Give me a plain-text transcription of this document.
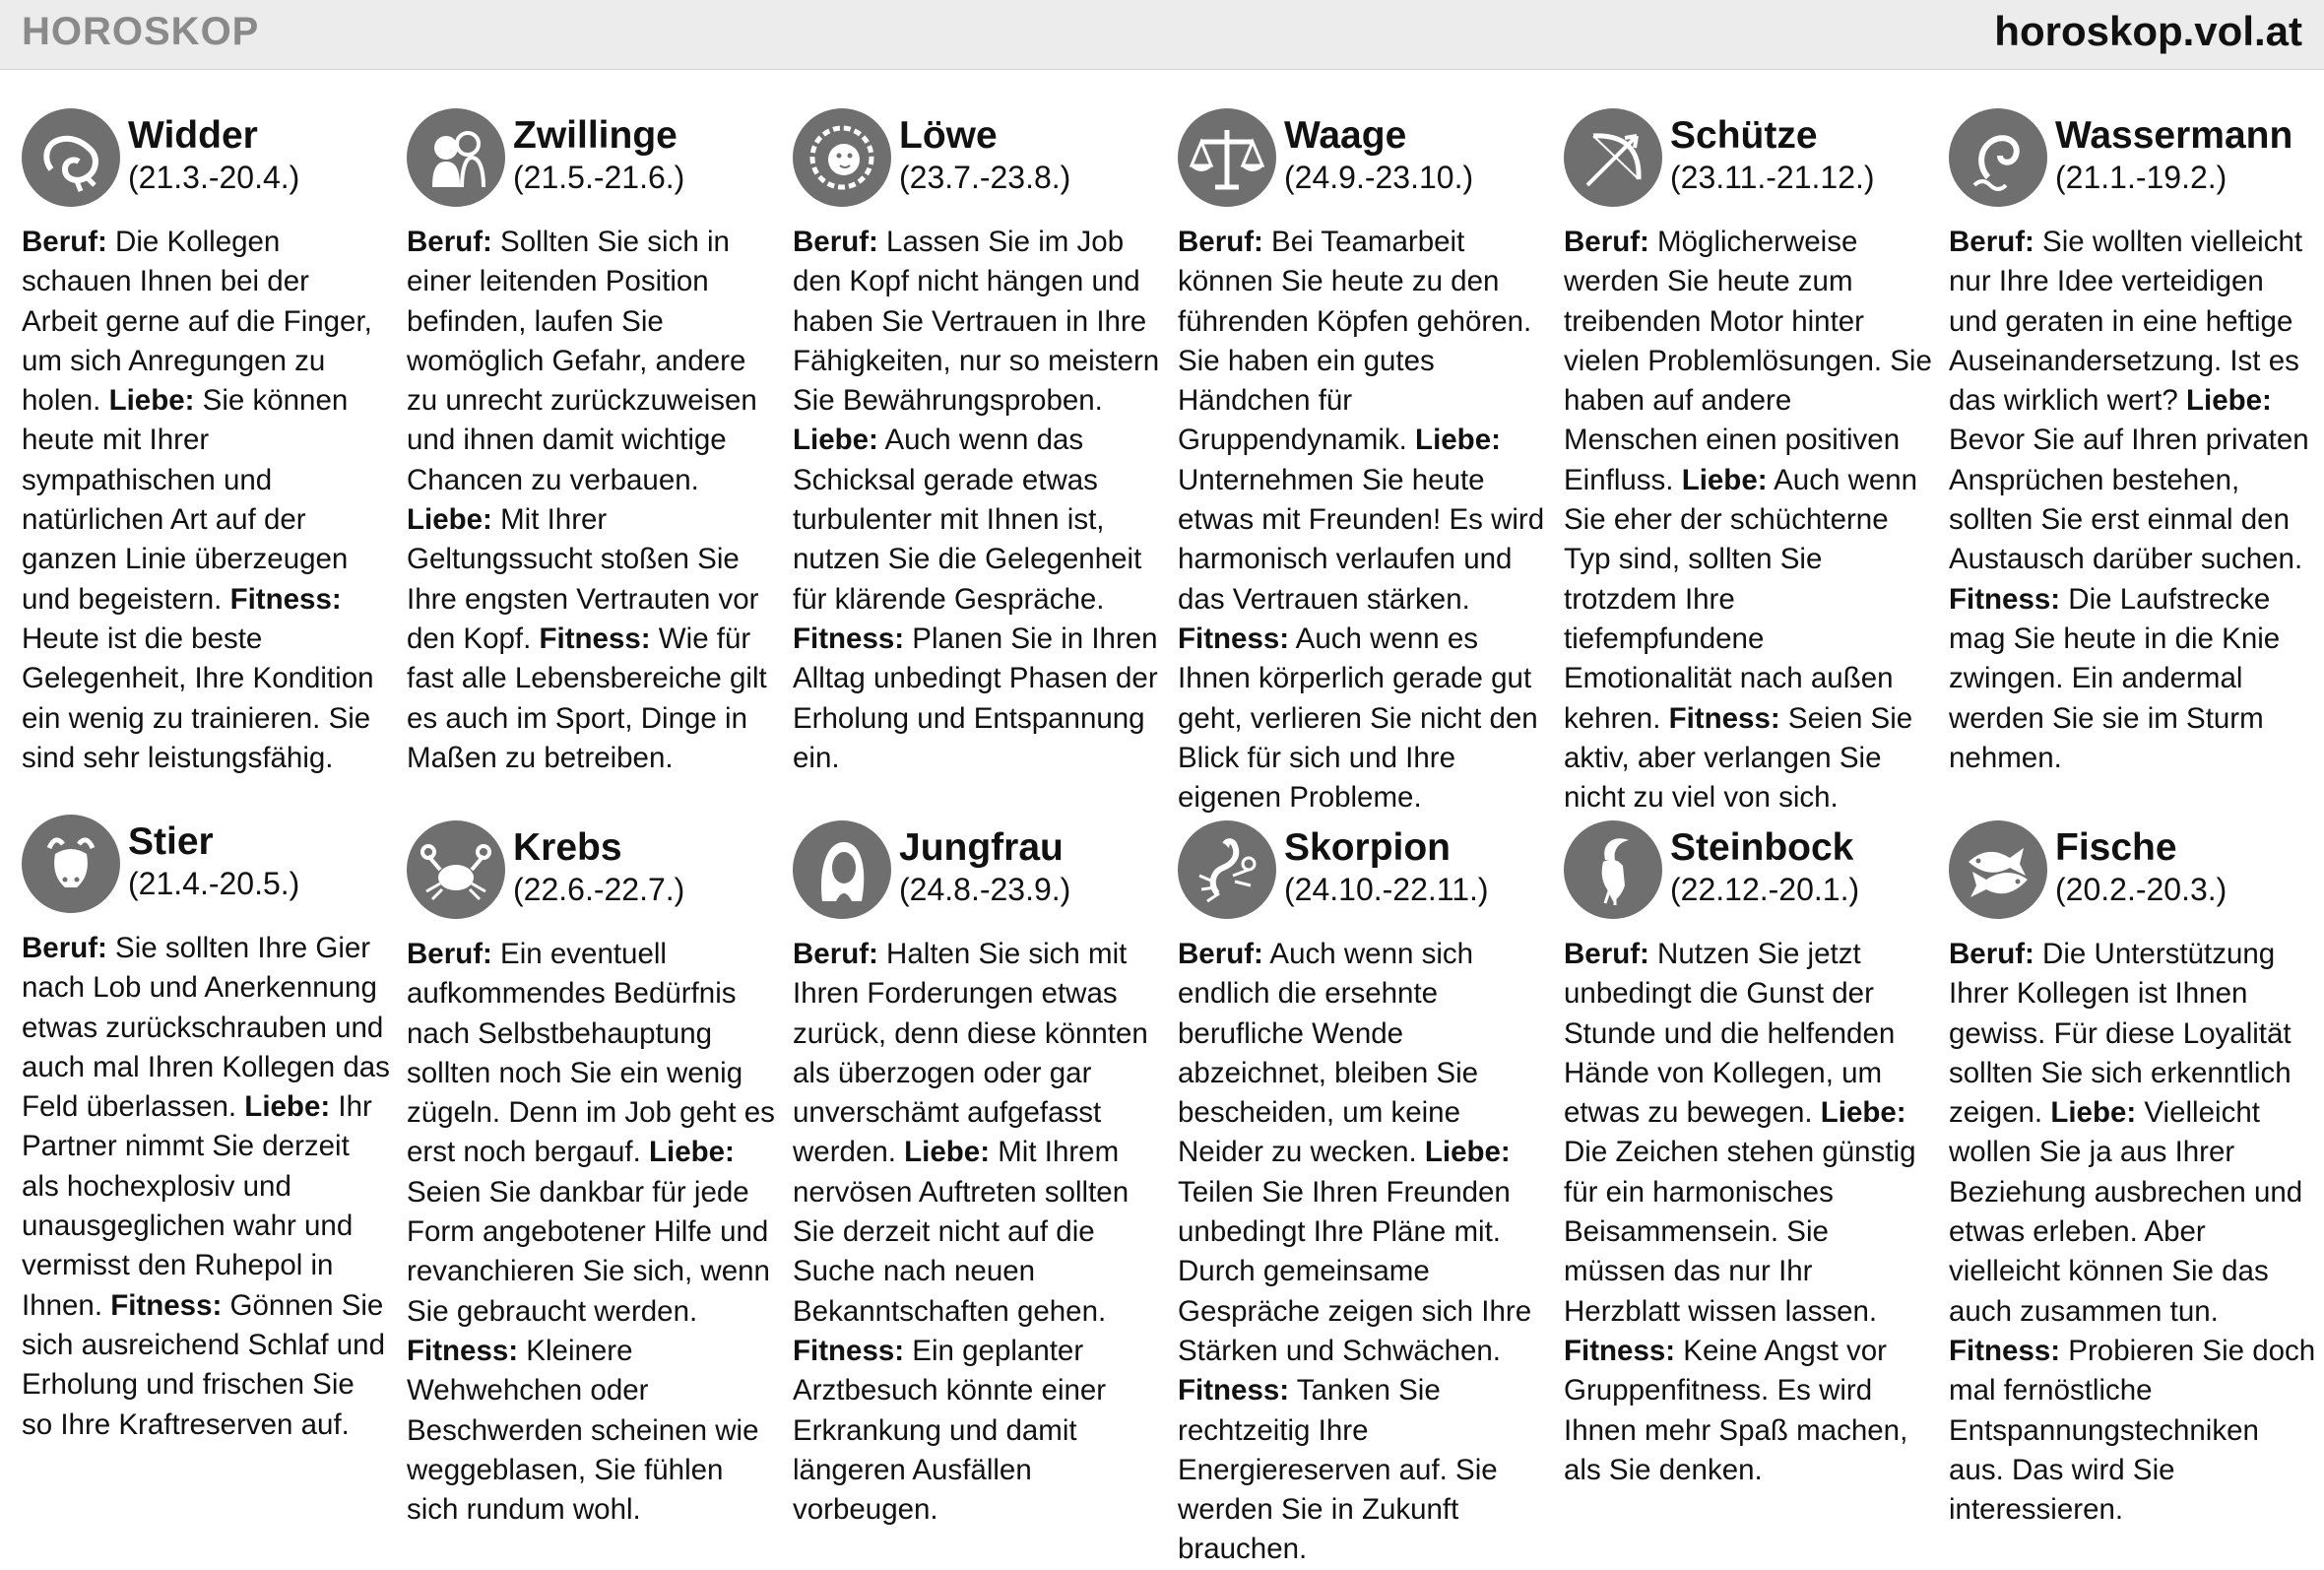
HOROSKOP	horoskop.vol.at
Widder
(21.3.-20.4.)
Beruf: Die Kollegen schauen Ihnen bei der Arbeit gerne auf die Finger, um sich Anregungen zu holen. Liebe: Sie können heute mit Ihrer sympathischen und natürlichen Art auf der ganzen Linie überzeugen und begeistern. Fitness: Heute ist die beste Gelegenheit, Ihre Kondition ein wenig zu trainieren. Sie sind sehr leistungsfähig.
Zwillinge
(21.5.-21.6.)
Beruf: Sollten Sie sich in einer leitenden Position befinden, laufen Sie womöglich Gefahr, andere zu unrecht zurückzuweisen und ihnen damit wichtige Chancen zu verbauen. Liebe: Mit Ihrer Geltungssucht stoßen Sie Ihre engsten Vertrauten vor den Kopf. Fitness: Wie für fast alle Lebensbereiche gilt es auch im Sport, Dinge in Maßen zu betreiben.
Löwe
(23.7.-23.8.)
Beruf: Lassen Sie im Job den Kopf nicht hängen und haben Sie Vertrauen in Ihre Fähigkeiten, nur so meistern Sie Bewährungsproben. Liebe: Auch wenn das Schicksal gerade etwas turbulenter mit Ihnen ist, nutzen Sie die Gelegenheit für klärende Gespräche. Fitness: Planen Sie in Ihren Alltag unbedingt Phasen der Erholung und Entspannung ein.
Waage
(24.9.-23.10.)
Beruf: Bei Teamarbeit können Sie heute zu den führenden Köpfen gehören. Sie haben ein gutes Händchen für Gruppendynamik. Liebe: Unternehmen Sie heute etwas mit Freunden! Es wird harmonisch verlaufen und das Vertrauen stärken. Fitness: Auch wenn es Ihnen körperlich gerade gut geht, verlieren Sie nicht den Blick für sich und Ihre eigenen Probleme.
Schütze
(23.11.-21.12.)
Beruf: Möglicherweise werden Sie heute zum treibenden Motor hinter vielen Problemlösungen. Sie haben auf andere Menschen einen positiven Einfluss. Liebe: Auch wenn Sie eher der schüchterne Typ sind, sollten Sie trotzdem Ihre tiefempfundene Emotionalität nach außen kehren. Fitness: Seien Sie aktiv, aber verlangen Sie nicht zu viel von sich.
Wassermann
(21.1.-19.2.)
Beruf: Sie wollten vielleicht nur Ihre Idee verteidigen und geraten in eine heftige Auseinandersetzung. Ist es das wirklich wert? Liebe: Bevor Sie auf Ihren privaten Ansprüchen bestehen, sollten Sie erst einmal den Austausch darüber suchen. Fitness: Die Laufstrecke mag Sie heute in die Knie zwingen. Ein andermal werden Sie sie im Sturm nehmen.
Stier
(21.4.-20.5.)
Beruf: Sie sollten Ihre Gier nach Lob und Anerkennung etwas zurückschrauben und auch mal Ihren Kollegen das Feld überlassen. Liebe: Ihr Partner nimmt Sie derzeit als hochexplosiv und unausgeglichen wahr und vermisst den Ruhepol in Ihnen. Fitness: Gönnen Sie sich ausreichend Schlaf und Erholung und frischen Sie so Ihre Kraftreserven auf.
Krebs
(22.6.-22.7.)
Beruf: Ein eventuell aufkommendes Bedürfnis nach Selbstbehauptung sollten noch Sie ein wenig zügeln. Denn im Job geht es erst noch bergauf. Liebe: Seien Sie dankbar für jede Form angebotener Hilfe und revanchieren Sie sich, wenn Sie gebraucht werden. Fitness: Kleinere Wehwehchen oder Beschwerden scheinen wie weggeblasen, Sie fühlen sich rundum wohl.
Jungfrau
(24.8.-23.9.)
Beruf: Halten Sie sich mit Ihren Forderungen etwas zurück, denn diese könnten als überzogen oder gar unverschämt aufgefasst werden. Liebe: Mit Ihrem nervösen Auftreten sollten Sie derzeit nicht auf die Suche nach neuen Bekanntschaften gehen. Fitness: Ein geplanter Arztbesuch könnte einer Erkrankung und damit längeren Ausfällen vorbeugen.
Skorpion
(24.10.-22.11.)
Beruf: Auch wenn sich endlich die ersehnte berufliche Wende abzeichnet, bleiben Sie bescheiden, um keine Neider zu wecken. Liebe: Teilen Sie Ihren Freunden unbedingt Ihre Pläne mit. Durch gemeinsame Gespräche zeigen sich Ihre Stärken und Schwächen. Fitness: Tanken Sie rechtzeitig Ihre Energiereserven auf. Sie werden Sie in Zukunft brauchen.
Steinbock
(22.12.-20.1.)
Beruf: Nutzen Sie jetzt unbedingt die Gunst der Stunde und die helfenden Hände von Kollegen, um etwas zu bewegen. Liebe: Die Zeichen stehen günstig für ein harmonisches Beisammensein. Sie müssen das nur Ihr Herzblatt wissen lassen. Fitness: Keine Angst vor Gruppenfitness. Es wird Ihnen mehr Spaß machen, als Sie denken.
Fische
(20.2.-20.3.)
Beruf: Die Unterstützung Ihrer Kollegen ist Ihnen gewiss. Für diese Loyalität sollten Sie sich erkenntlich zeigen. Liebe: Vielleicht wollen Sie ja aus Ihrer Beziehung ausbrechen und etwas erleben. Aber vielleicht können Sie das auch zusammen tun. Fitness: Probieren Sie doch mal fernöstliche Entspannungstechniken aus. Das wird Sie interessieren.
